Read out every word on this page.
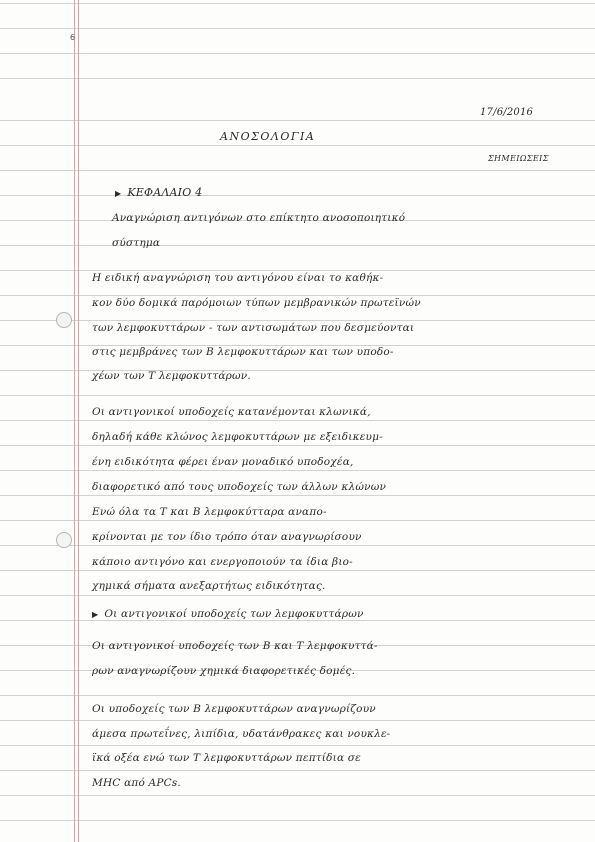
6
17/6/2016
ΑΝΟΣΟΛΟΓΙΑ
ΣΗΜΕΙΩΣΕΙΣ
▶ ΚΕΦΑΛΑΙΟ 4
Αναγνώριση αντιγόνων στο επίκτητο ανοσοποιητικό
σύστημα
Η ειδική αναγνώριση του αντιγόνου είναι το καθήκ-
κον δύο δομικά παρόμοιων τύπων μεμβρανικών πρωτεϊνών
των λεμφοκυττάρων - των αντισωμάτων που δεσμεύονται
στις μεμβράνες των Β λεμφοκυττάρων και των υποδο-
χέων των Τ λεμφοκυττάρων.
Οι αντιγονικοί υποδοχείς κατανέμονται κλωνικά,
δηλαδή κάθε κλώνος λεμφοκυττάρων με εξειδικευμ-
ένη ειδικότητα φέρει έναν μοναδικό υποδοχέα,
διαφορετικό από τους υποδοχείς των άλλων κλώνων
Ενώ όλα τα Τ και Β λεμφοκύτταρα αναπο-
κρίνονται με τον ίδιο τρόπο όταν αναγνωρίσουν
κάποιο αντιγόνο και ενεργοποιούν τα ίδια βιο-
χημικά σήματα ανεξαρτήτως ειδικότητας.
▶ Οι αντιγονικοί υποδοχείς των λεμφοκυττάρων
Οι αντιγονικοί υποδοχείς των Β και Τ λεμφοκυττά-
ρων αναγνωρίζουν χημικά διαφορετικές δομές.
Οι υποδοχείς των Β λεμφοκυττάρων αναγνωρίζουν
άμεσα πρωτεΐνες, λιπίδια, υδατάνθρακες και νουκλε-
ϊκά οξέα ενώ των Τ λεμφοκυττάρων πεπτίδια σε
MHC από APCs.
